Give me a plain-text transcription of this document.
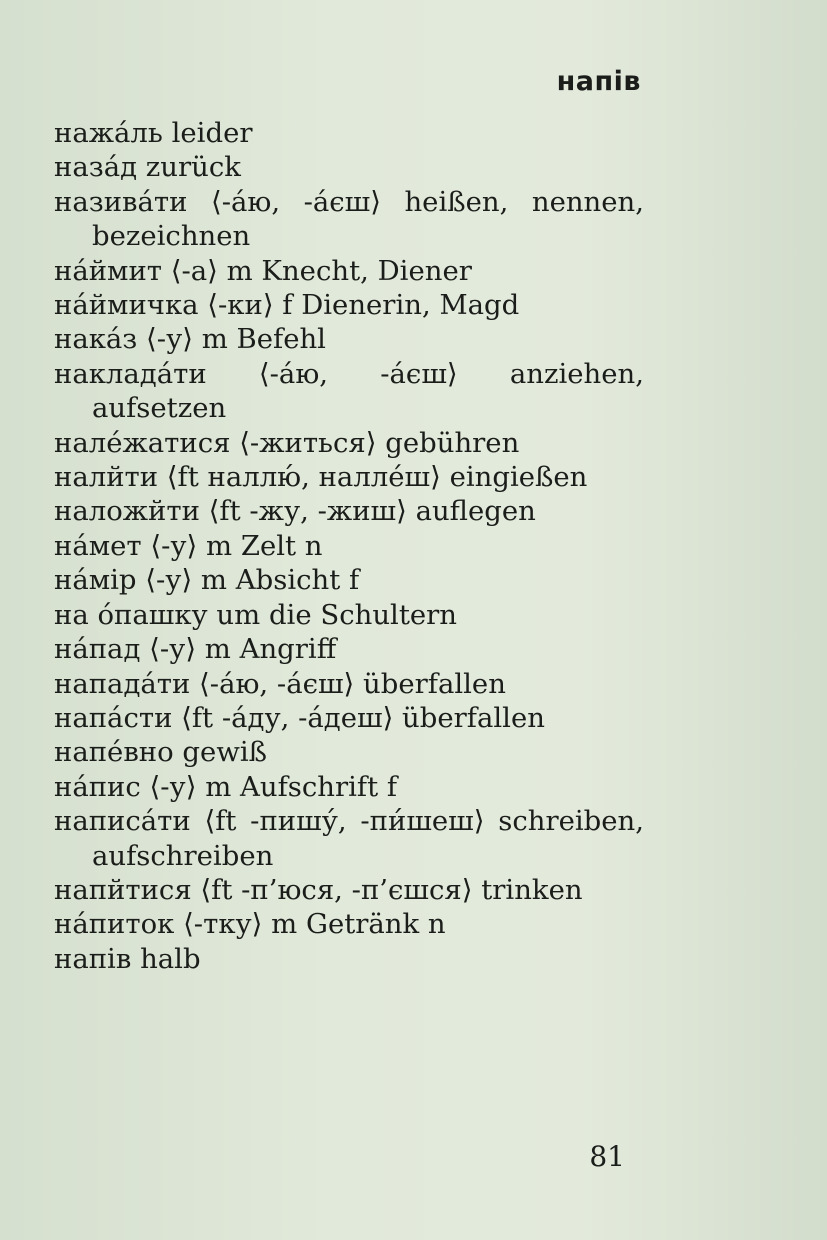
напів
нажáль leider
назáд zurück
називáти ⟨-áю, -áєш⟩ heißen, nennen, bezeichnen
нáймит ⟨-а⟩ m Knecht, Diener
нáймичка ⟨-ки⟩ f Dienerin, Magd
накáз ⟨-у⟩ m Befehl
накладáти ⟨-áю, -áєш⟩ anziehen, aufsetzen
налéжатися ⟨-житься⟩ gebühren
налйти ⟨ft наллю́, наллéш⟩ eingießen
наложйти ⟨ft -жу, -жиш⟩ auflegen
нáмет ⟨-у⟩ m Zelt n
нáмір ⟨-у⟩ m Absicht f
на óпашку um die Schultern
нáпад ⟨-у⟩ m Angriff
нападáти ⟨-áю, -áєш⟩ überfallen
напáсти ⟨ft -áду, -áдеш⟩ überfallen
напéвно gewiß
нáпис ⟨-у⟩ m Aufschrift f
написáти ⟨ft -пишу́, -пи́шеш⟩ schreiben, aufschreiben
напйтися ⟨ft -п’юся, -п’єшся⟩ trinken
нáпиток ⟨-тку⟩ m Getränk n
напів halb
81
